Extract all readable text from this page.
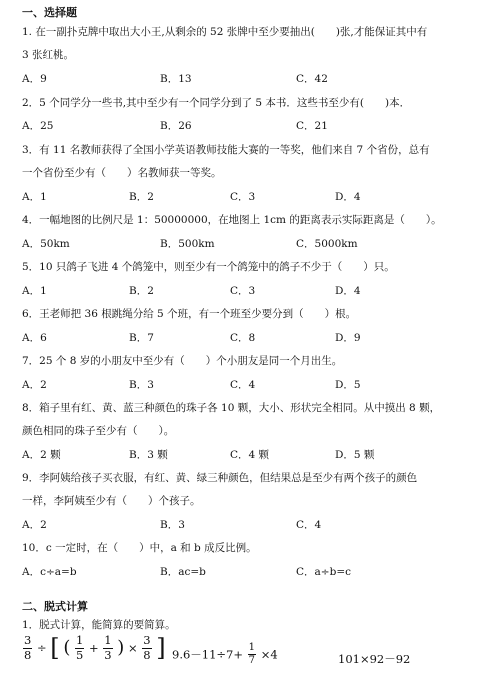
一、选择题
1. 在一副扑克牌中取出大小王,从剩余的 52 张牌中至少要抽出(　　)张,才能保证其中有
3 张红桃。
A．9	B．13	C．42
2．5 个同学分一些书,其中至少有一个同学分到了 5 本书．这些书至少有(　　)本．
A．25	B．26	C．21
3．有 11 名教师获得了全国小学英语教师技能大赛的一等奖，他们来自 7 个省份，总有
一个省份至少有（　　）名教师获一等奖。
A．1	B．2	C．3	D．4
4．一幅地图的比例尺是 1：50000000，在地图上 1cm 的距离表示实际距离是（　　）。
A．50km	B．500km	C．5000km
5．10 只鸽子飞进 4 个鸽笼中，则至少有一个鸽笼中的鸽子不少于（　　）只。
A．1	B．2	C．3	D．4
6．王老师把 36 根跳绳分给 5 个班，有一个班至少要分到（　　）根。
A．6	B．7	C．8	D．9
7．25 个 8 岁的小朋友中至少有（　　）个小朋友是同一个月出生。
A．2	B．3	C．4	D．5
8．箱子里有红、黄、蓝三种颜色的珠子各 10 颗，大小、形状完全相同。从中摸出 8 颗，
颜色相同的珠子至少有（　　）。
A．2 颗	B．3 颗	C．4 颗	D．5 颗
9．李阿姨给孩子买衣服，有红、黄、绿三种颜色，但结果总是至少有两个孩子的颜色
一样，李阿姨至少有（　　）个孩子。
A．2	B．3	C．4
10．c 一定时，在（　　）中，a 和 b 成反比例。
A．c÷a=b	B．ac=b	C．a÷b=c
二、脱式计算
1．脱式计算，能简算的要简算。
$\frac{3}{8}$ ÷ [ ( $\frac{1}{5} + \frac{1}{3}$ ) × $\frac{3}{8}$ ] $9.6-11\div 7+ \frac{1}{7} \times 4$	101×92－92
